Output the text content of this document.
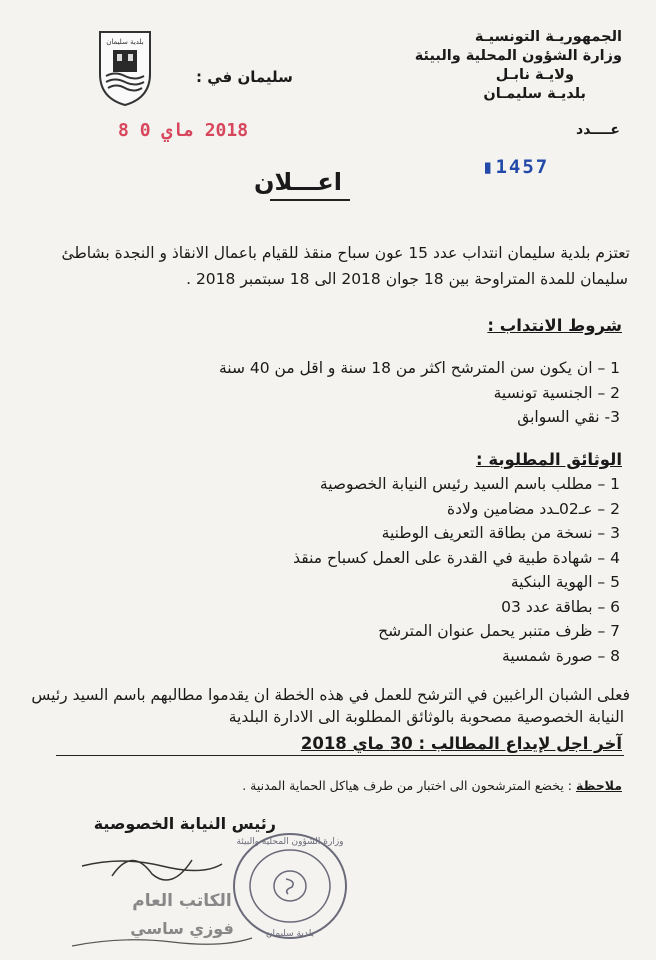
الجمهوريـة التونسيـة
وزارة الشؤون المحلية والبيئة
ولايـة نابـل
بلديـة سليمـان
بلدية سليمان
سليمان في :
2018 ماي 0 8	عــــدد
▮1457
اعـــلان
تعتزم بلدية سليمان انتداب عدد 15 عون سباح منقذ للقيام باعمال الانقاذ و النجدة بشاطئ
سليمان للمدة المتراوحة بين 18 جوان 2018 الى 18 سبتمبر 2018 .
شروط الانتداب :
1 – ان يكون سن المترشح اكثر من 18 سنة و اقل من 40 سنة
2 – الجنسية تونسية
3- نقي السوابق
الوثائق المطلوبة :
1 – مطلب باسم السيد رئيس النيابة الخصوصية
2 – عـ02ـدد مضامين ولادة
3 – نسخة من بطاقة التعريف الوطنية
4 – شهادة طبية في القدرة على العمل كسباح منقذ
5 – الهوية البنكية
6 – بطاقة عدد 03
7 – ظرف متنبر يحمل عنوان المترشح
8 – صورة شمسية
فعلى الشبان الراغبين في الترشح للعمل في هذه الخطة ان يقدموا مطالبهم باسم السيد رئيس
النيابة الخصوصية مصحوبة بالوثائق المطلوبة الى الادارة البلدية
آخر اجل لإيداع المطالب : 30 ماي 2018
ملاحظة : يخضع المترشحون الى اختبار من طرف هياكل الحماية المدنية .
رئيس النيابة الخصوصية
وزارة الشؤون المحلية والبيئة
بلدية سليمان
الكاتب العام
فوزي ساسي
